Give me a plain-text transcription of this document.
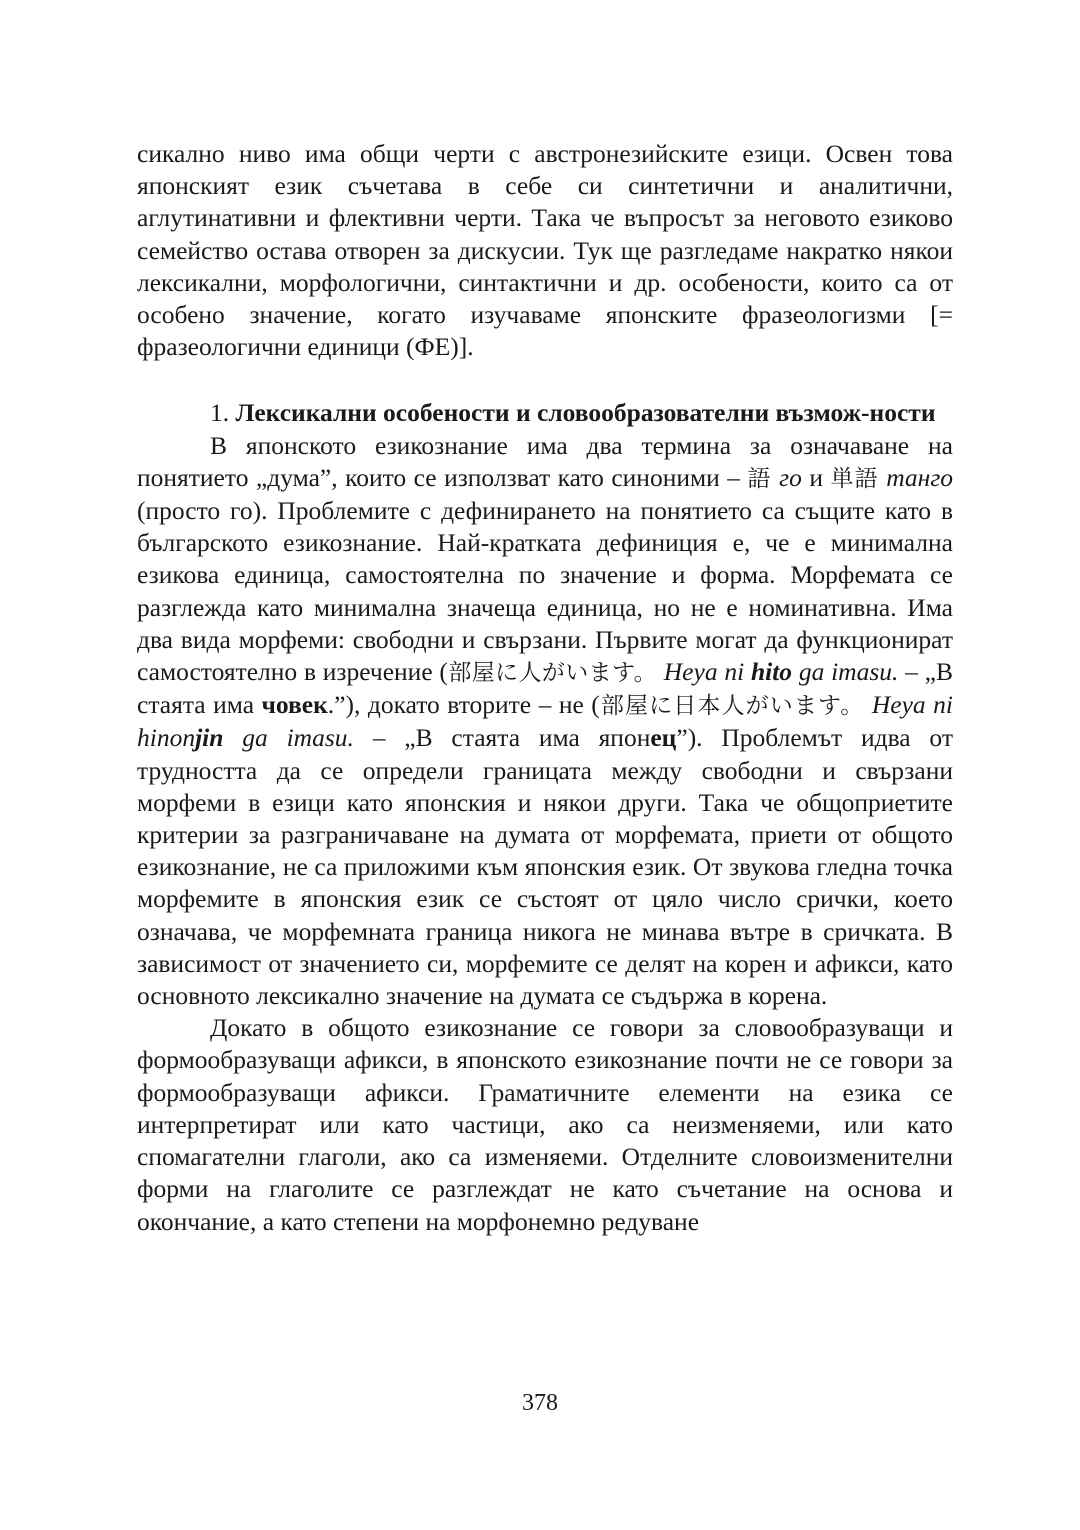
сикално ниво има общи черти с австронезийските езици. Освен това японският език съчетава в себе си синтетични и аналитични, аглутинативни и флективни черти. Така че въпросът за неговото езиково семейство остава отворен за дискусии. Тук ще разгледаме накратко някои лексикални, морфологични, синтактични и др. особености, които са от особено значение, когато изучаваме японските фразеологизми [= фразеологични единици (ФЕ)].

1. Лексикални особености и словообразователни възмож-ности

В японското езикознание има два термина за означаване на понятието „дума”, които се използват като синоними – 語 го и 単語 танго (просто го). Проблемите с дефинирането на понятието са същите като в българското езикознание. Най-кратката дефиниция е, че е минимална езикова единица, самостоятелна по значение и форма. Морфемата се разглежда като минимална значеща единица, но не е номинативна. Има два вида морфеми: свободни и свързани. Първите могат да функционират самостоятелно в изречение (部屋に人がいます。 Heya ni hito ga imasu. – „В стаята има човек.”), докато вторите – не (部屋に日本人がいます。 Heya ni hinonjin ga imasu. – „В стаята има японец”). Проблемът идва от трудността да се определи границата между свободни и свързани морфеми в езици като японския и някои други. Така че общоприетите критерии за разграничаване на думата от морфемата, приети от общото езикознание, не са приложими към японския език. От звукова гледна точка морфемите в японския език се състоят от цяло число срички, което означава, че морфемната граница никога не минава вътре в сричката. В зависимост от значението си, морфемите се делят на корен и афикси, като основното лексикално значение на думата се съдържа в корена.

Докато в общото езикознание се говори за словообразуващи и формообразуващи афикси, в японското езикознание почти не се говори за формообразуващи афикси. Граматичните елементи на езика се интерпретират или като частици, ако са неизменяеми, или като спомагателни глаголи, ако са изменяеми. Отделните словоизменителни форми на глаголите се разглеждат не като съчетание на основа и окончание, а като степени на морфонемно редуване

378
